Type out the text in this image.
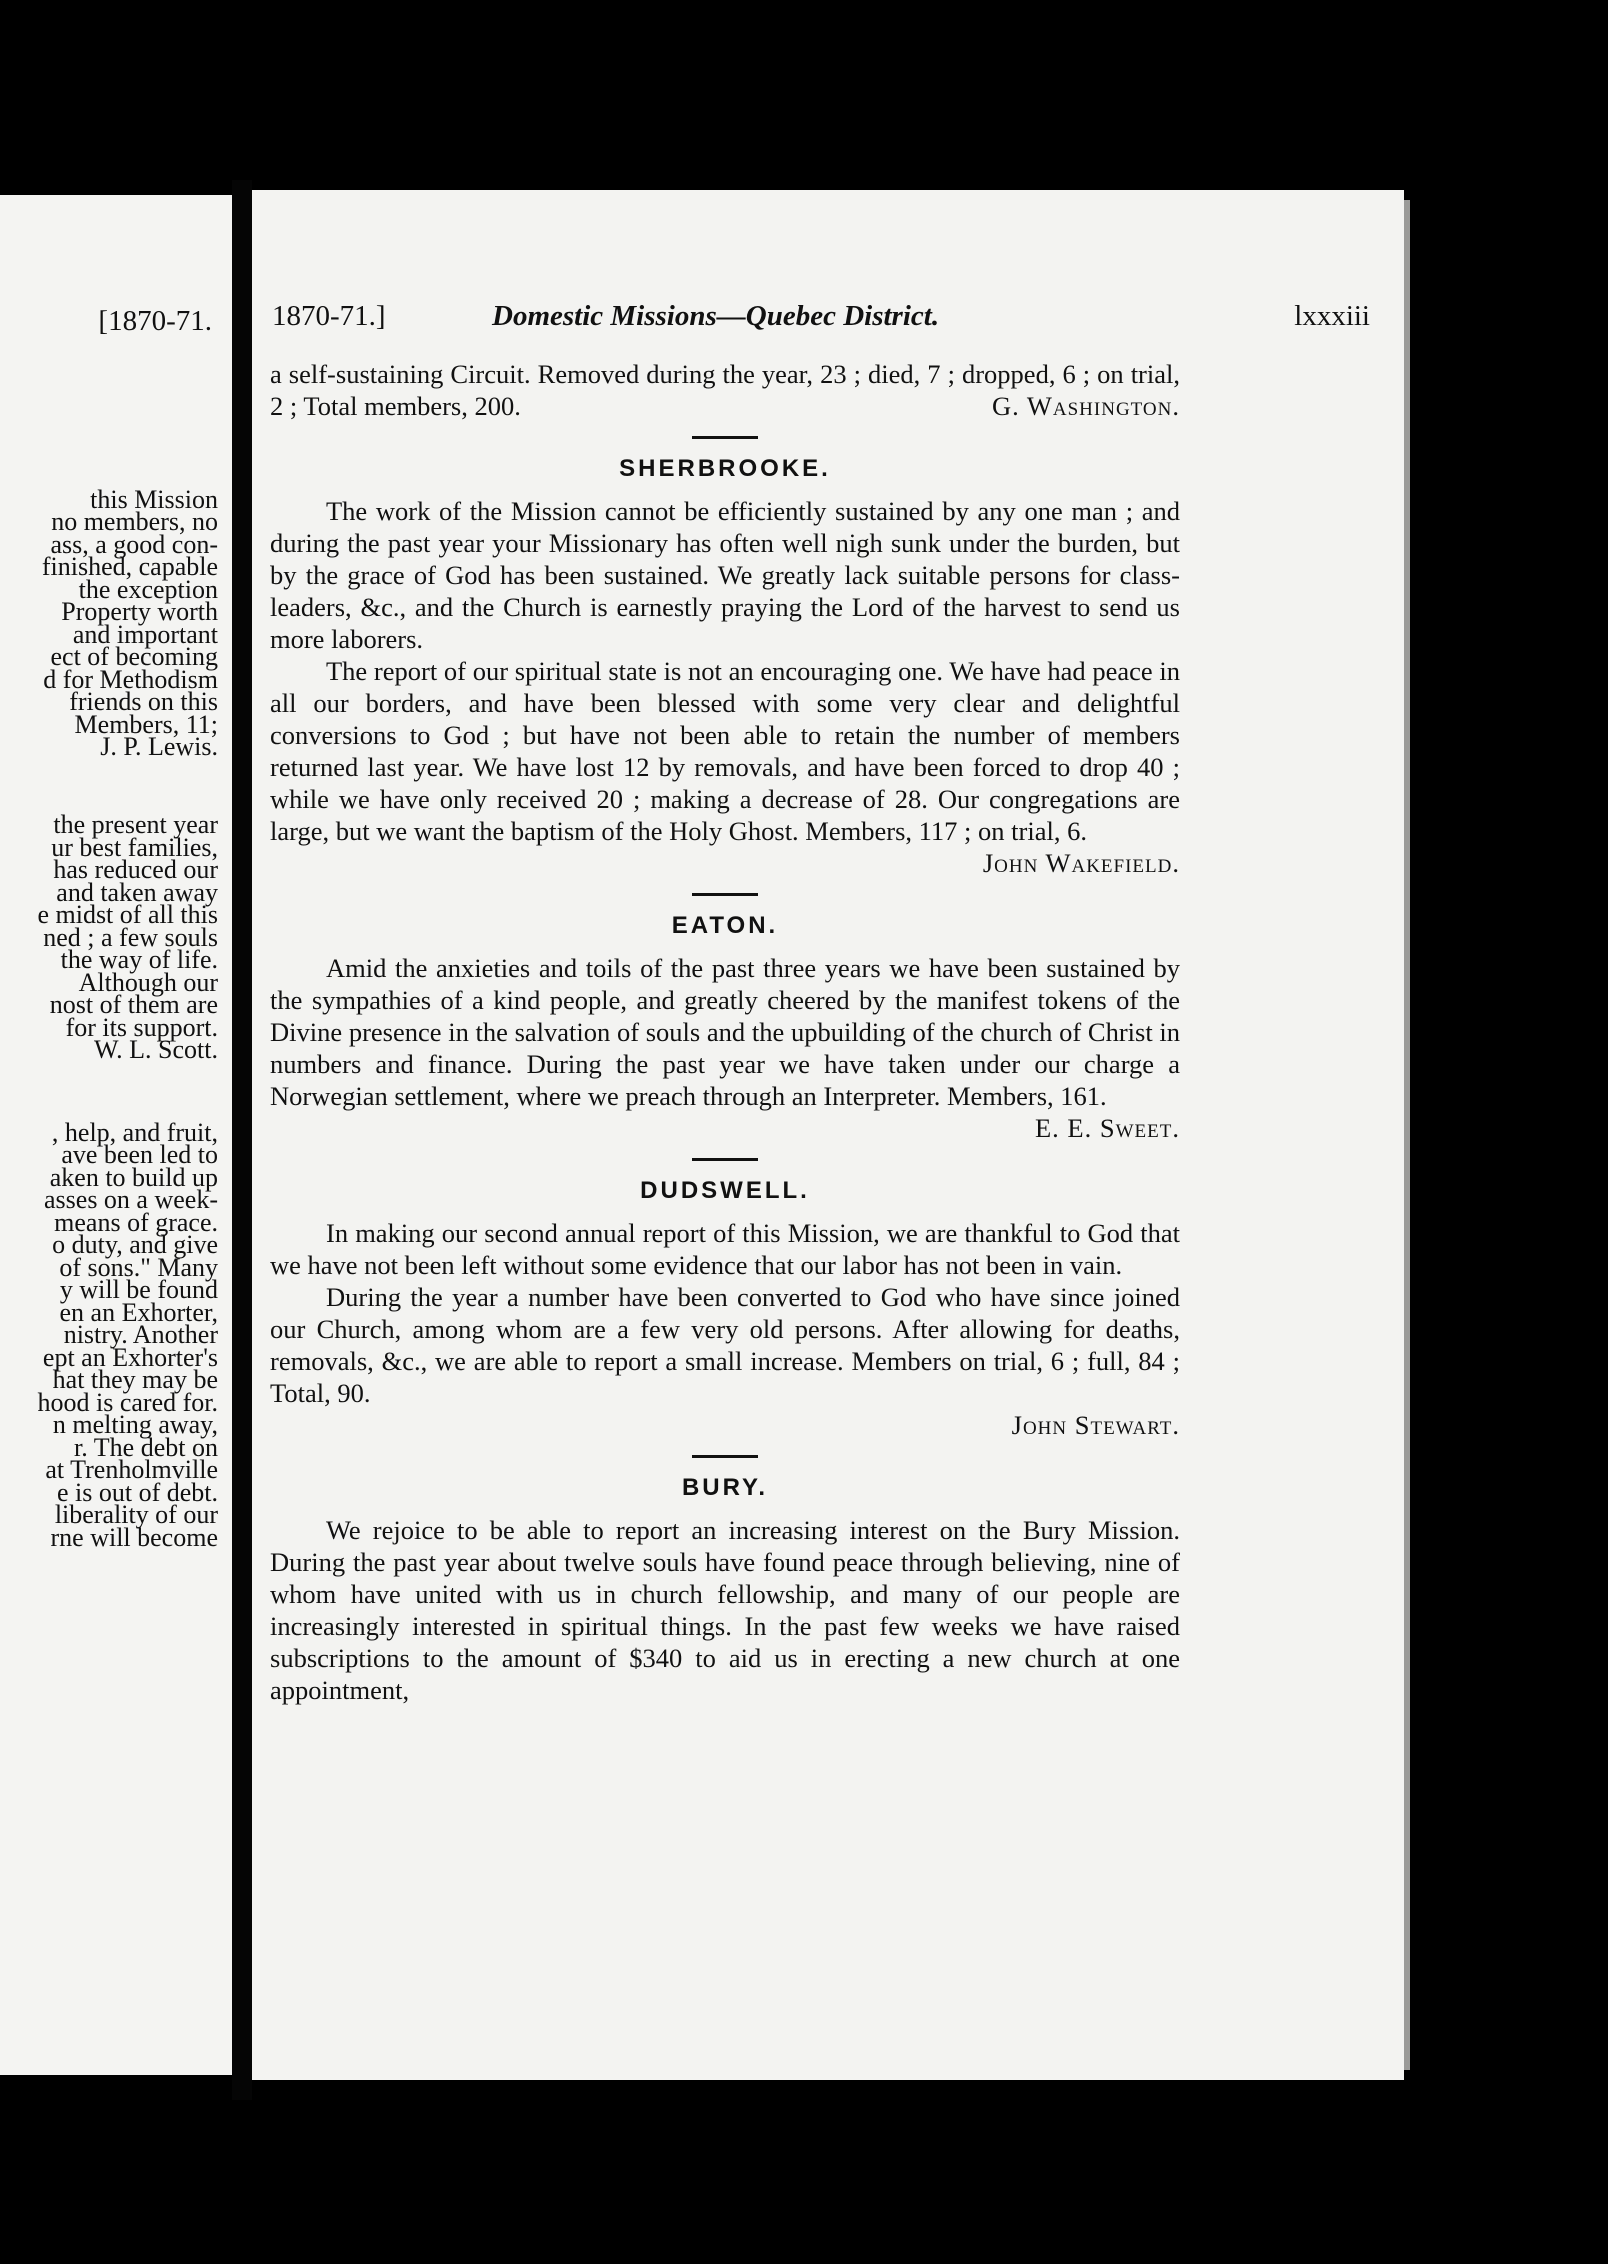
[1870-71.
this Mission
no members, no
ass, a good con-
finished, capable
the exception
Property worth
and important
ect of becoming
d for Methodism
friends on this
Members, 11;
J. P. Lewis.
the present year
ur best families,
has reduced our
and taken away
e midst of all this
ned ; a few souls
the way of life.
Although our
nost of them are
for its support.
W. L. Scott.
, help, and fruit,
ave been led to
aken to build up
asses on a week-
means of grace.
o duty, and give
of sons." Many
y will be found
en an Exhorter,
nistry. Another
ept an Exhorter's
hat they may be
hood is cared for.
n melting away,
r. The debt on
at Trenholmville
e is out of debt.
liberality of our
rne will become
1870-71.]	Domestic Missions—Quebec District.	lxxxiii

a self-sustaining Circuit. Removed during the year, 23 ; died, 7 ; dropped, 6 ; on trial, 2 ; Total members, 200.	G. Washington.

SHERBROOKE.

The work of the Mission cannot be efficiently sustained by any one man ; and during the past year your Missionary has often well nigh sunk under the burden, but by the grace of God has been sustained. We greatly lack suitable persons for class-leaders, &c., and the Church is earnestly praying the Lord of the harvest to send us more laborers.

The report of our spiritual state is not an encouraging one. We have had peace in all our borders, and have been blessed with some very clear and delightful conversions to God ; but have not been able to retain the number of members returned last year. We have lost 12 by removals, and have been forced to drop 40 ; while we have only received 20 ; making a decrease of 28. Our congregations are large, but we want the baptism of the Holy Ghost. Members, 117 ; on trial, 6.

John Wakefield.

EATON.

Amid the anxieties and toils of the past three years we have been sustained by the sympathies of a kind people, and greatly cheered by the manifest tokens of the Divine presence in the salvation of souls and the upbuilding of the church of Christ in numbers and finance. During the past year we have taken under our charge a Norwegian settlement, where we preach through an Interpreter. Members, 161.

E. E. Sweet.

DUDSWELL.

In making our second annual report of this Mission, we are thankful to God that we have not been left without some evidence that our labor has not been in vain.

During the year a number have been converted to God who have since joined our Church, among whom are a few very old persons. After allowing for deaths, removals, &c., we are able to report a small increase. Members on trial, 6 ; full, 84 ; Total, 90.

John Stewart.

BURY.

We rejoice to be able to report an increasing interest on the Bury Mission. During the past year about twelve souls have found peace through believing, nine of whom have united with us in church fellowship, and many of our people are increasingly interested in spiritual things. In the past few weeks we have raised subscriptions to the amount of $340 to aid us in erecting a new church at one appointment,
